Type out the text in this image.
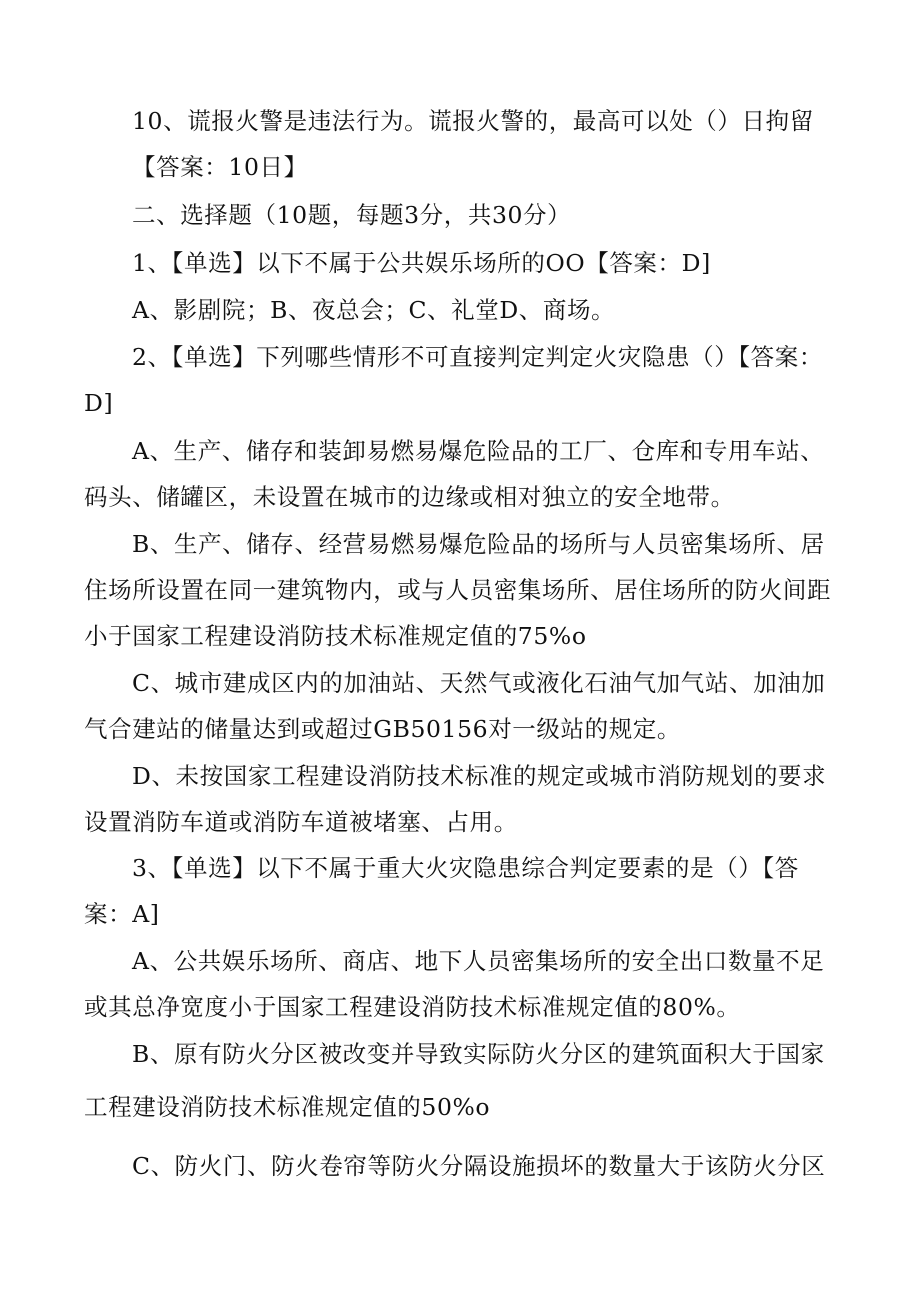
10、谎报火警是违法行为。谎报火警的，最高可以处（）日拘留
【答案：10日】
二、选择题（10题，每题3分，共30分）
1、【单选】以下不属于公共娱乐场所的OO【答案：D]
A、影剧院；B、夜总会；C、礼堂D、商场。
2、【单选】下列哪些情形不可直接判定判定火灾隐患（）【答案：
D]
A、生产、储存和装卸易燃易爆危险品的工厂、仓库和专用车站、
码头、储罐区，未设置在城市的边缘或相对独立的安全地带。
B、生产、储存、经营易燃易爆危险品的场所与人员密集场所、居
住场所设置在同一建筑物内，或与人员密集场所、居住场所的防火间距
小于国家工程建设消防技术标准规定值的75%o
C、城市建成区内的加油站、天然气或液化石油气加气站、加油加
气合建站的储量达到或超过GB50156对一级站的规定。
D、未按国家工程建设消防技术标准的规定或城市消防规划的要求
设置消防车道或消防车道被堵塞、占用。
3、【单选】以下不属于重大火灾隐患综合判定要素的是（）【答
案：A]
A、公共娱乐场所、商店、地下人员密集场所的安全出口数量不足
或其总净宽度小于国家工程建设消防技术标准规定值的80%。
B、原有防火分区被改变并导致实际防火分区的建筑面积大于国家
工程建设消防技术标准规定值的50%o
C、防火门、防火卷帘等防火分隔设施损坏的数量大于该防火分区
